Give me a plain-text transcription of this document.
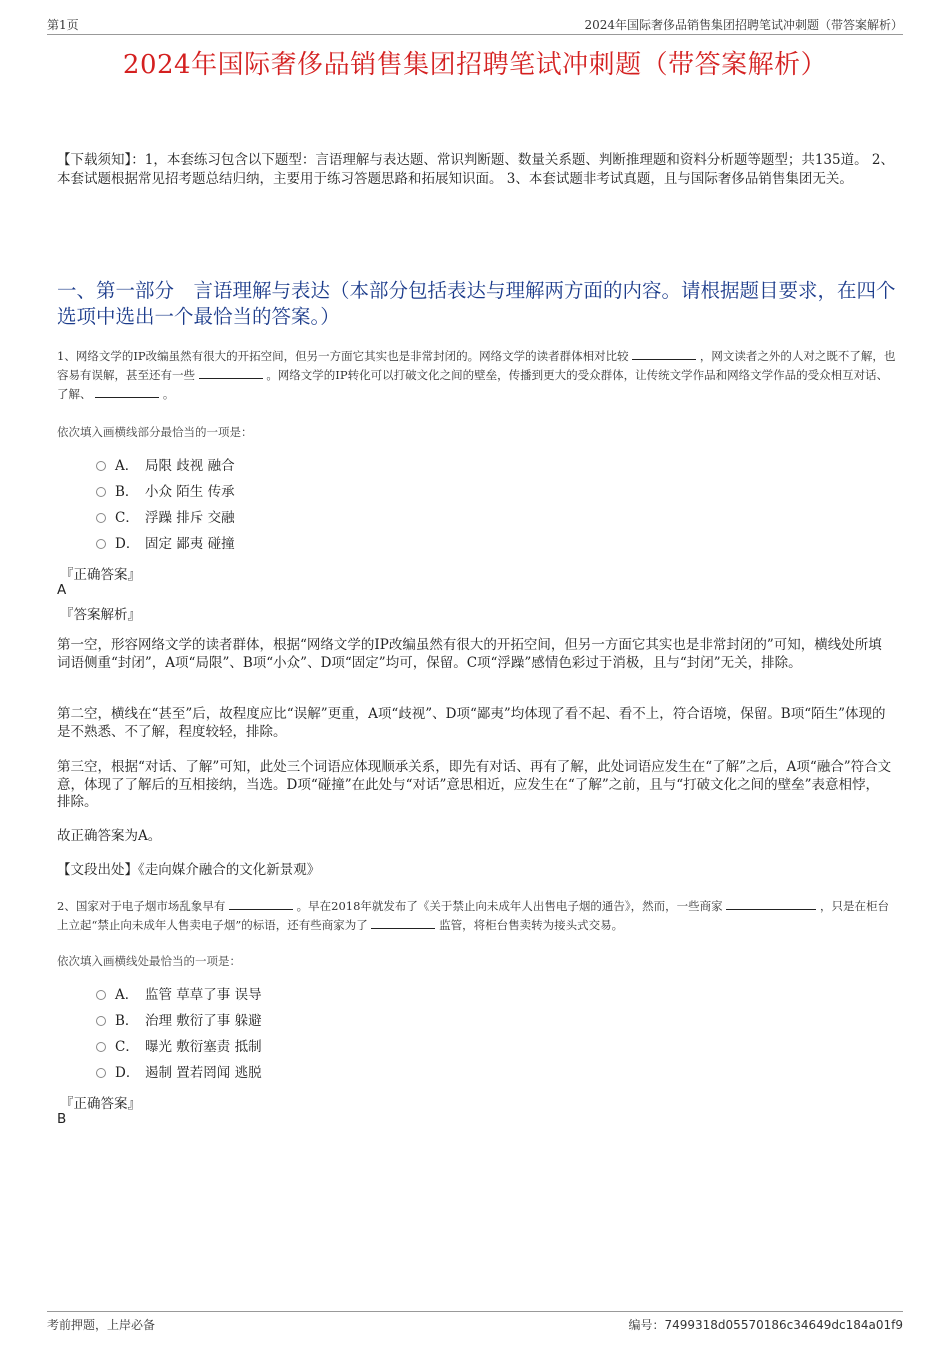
第1页	2024年国际奢侈品销售集团招聘笔试冲刺题（带答案解析）
2024年国际奢侈品销售集团招聘笔试冲刺题（带答案解析）
【下载须知】：1，本套练习包含以下题型：言语理解与表达题、常识判断题、数量关系题、判断推理题和资料分析题等题型；共135道。 2、本套试题根据常见招考题总结归纳，主要用于练习答题思路和拓展知识面。 3、本套试题非考试真题，且与国际奢侈品销售集团无关。
一、第一部分　言语理解与表达（本部分包括表达与理解两方面的内容。请根据题目要求，在四个选项中选出一个最恰当的答案。）
1、网络文学的IP改编虽然有很大的开拓空间，但另一方面它其实也是非常封闭的。网络文学的读者群体相对比较	，网文读者之外的人对之既不了解，也容易有误解，甚至还有一些	。网络文学的IP转化可以打破文化之间的壁垒，传播到更大的受众群体，让传统文学作品和网络文学作品的受众相互对话、了解、	。
依次填入画横线部分最恰当的一项是：
A． 局限 歧视 融合
B． 小众 陌生 传承
C． 浮躁 排斥 交融
D． 固定 鄙夷 碰撞
『正确答案』
A
『答案解析』
第一空，形容网络文学的读者群体，根据“网络文学的IP改编虽然有很大的开拓空间，但另一方面它其实也是非常封闭的”可知，横线处所填词语侧重“封闭”，A项“局限”、B项“小众”、D项“固定”均可，保留。C项“浮躁”感情色彩过于消极，且与“封闭”无关，排除。
第二空，横线在“甚至”后，故程度应比“误解”更重，A项“歧视”、D项“鄙夷”均体现了看不起、看不上，符合语境，保留。B项“陌生”体现的是不熟悉、不了解，程度较轻，排除。
第三空，根据“对话、了解”可知，此处三个词语应体现顺承关系，即先有对话、再有了解，此处词语应发生在“了解”之后，A项“融合”符合文意，体现了了解后的互相接纳，当选。D项“碰撞”在此处与“对话”意思相近，应发生在“了解”之前，且与“打破文化之间的壁垒”表意相悖，排除。
故正确答案为A。
【文段出处】《走向媒介融合的文化新景观》
2、国家对于电子烟市场乱象早有	。早在2018年就发布了《关于禁止向未成年人出售电子烟的通告》，然而，一些商家	，只是在柜台上立起“禁止向未成年人售卖电子烟”的标语，还有些商家为了	监管，将柜台售卖转为接头式交易。
依次填入画横线处最恰当的一项是：
A． 监管 草草了事 误导
B． 治理 敷衍了事 躲避
C． 曝光 敷衍塞责 抵制
D． 遏制 置若罔闻 逃脱
『正确答案』
B
考前押题，上岸必备	编号：7499318d05570186c34649dc184a01f9
